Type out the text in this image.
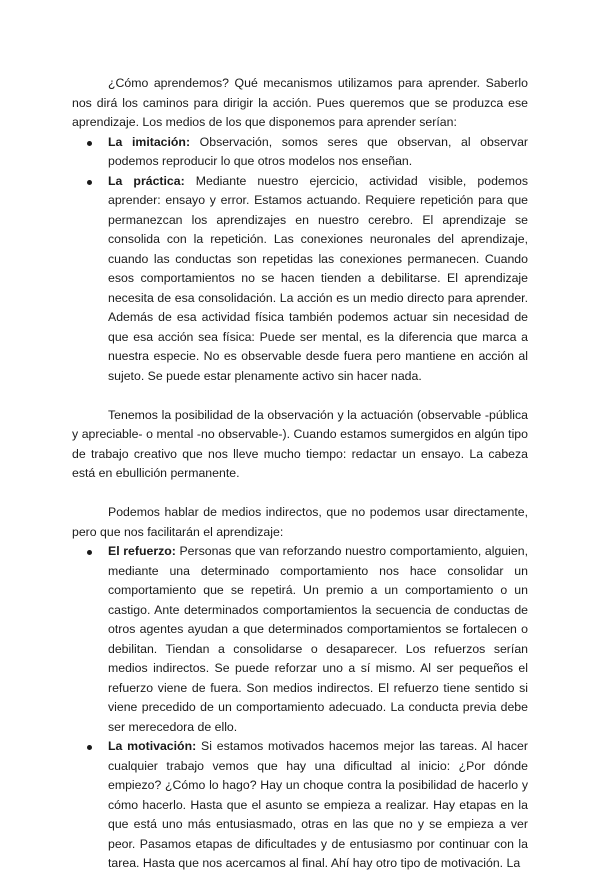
¿Cómo aprendemos? Qué mecanismos utilizamos para aprender. Saberlo nos dirá los caminos para dirigir la acción. Pues queremos que se produzca ese aprendizaje. Los medios de los que disponemos para aprender serían:

La imitación: Observación, somos seres que observan, al observar podemos reproducir lo que otros modelos nos enseñan.
La práctica: Mediante nuestro ejercicio, actividad visible, podemos aprender: ensayo y error. Estamos actuando. Requiere repetición para que permanezcan los aprendizajes en nuestro cerebro. El aprendizaje se consolida con la repetición. Las conexiones neuronales del aprendizaje, cuando las conductas son repetidas las conexiones permanecen. Cuando esos comportamientos no se hacen tienden a debilitarse. El aprendizaje necesita de esa consolidación. La acción es un medio directo para aprender. Además de esa actividad física también podemos actuar sin necesidad de que esa acción sea física: Puede ser mental, es la diferencia que marca a nuestra especie. No es observable desde fuera pero mantiene en acción al sujeto. Se puede estar plenamente activo sin hacer nada.

Tenemos la posibilidad de la observación y la actuación (observable -pública y apreciable- o mental -no observable-). Cuando estamos sumergidos en algún tipo de trabajo creativo que nos lleve mucho tiempo: redactar un ensayo. La cabeza está en ebullición permanente.

Podemos hablar de medios indirectos, que no podemos usar directamente, pero que nos facilitarán el aprendizaje:

El refuerzo: Personas que van reforzando nuestro comportamiento, alguien, mediante una determinado comportamiento nos hace consolidar un comportamiento que se repetirá. Un premio a un comportamiento o un castigo. Ante determinados comportamientos la secuencia de conductas de otros agentes ayudan a que determinados comportamientos se fortalecen o debilitan. Tiendan a consolidarse o desaparecer. Los refuerzos serían medios indirectos. Se puede reforzar uno a sí mismo. Al ser pequeños el refuerzo viene de fuera. Son medios indirectos. El refuerzo tiene sentido si viene precedido de un comportamiento adecuado. La conducta previa debe ser merecedora de ello.
La motivación: Si estamos motivados hacemos mejor las tareas. Al hacer cualquier trabajo vemos que hay una dificultad al inicio: ¿Por dónde empiezo? ¿Cómo lo hago? Hay un choque contra la posibilidad de hacerlo y cómo hacerlo. Hasta que el asunto se empieza a realizar. Hay etapas en la que está uno más entusiasmado, otras en las que no y se empieza a ver peor. Pasamos etapas de dificultades y de entusiasmo por continuar con la tarea. Hasta que nos acercamos al final. Ahí hay otro tipo de motivación. La
